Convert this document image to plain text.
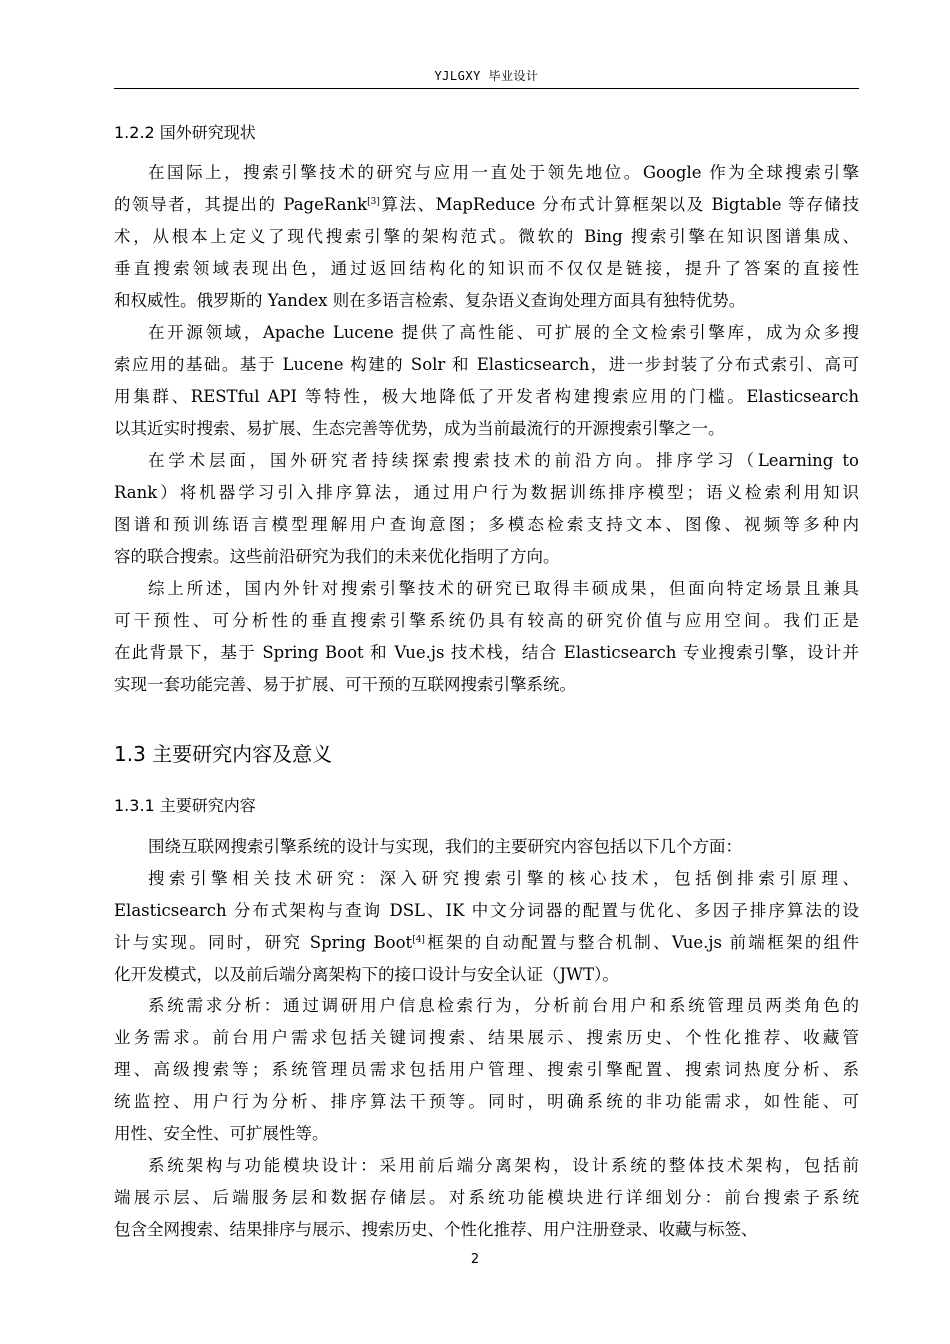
YJLGXY 毕业设计
1.2.2 国外研究现状
在国际上，搜索引擎技术的研究与应用一直处于领先地位。Google 作为全球搜索引擎
的领导者，其提出的 PageRank[3]算法、MapReduce 分布式计算框架以及 Bigtable 等存储技
术，从根本上定义了现代搜索引擎的架构范式。微软的 Bing 搜索引擎在知识图谱集成、
垂直搜索领域表现出色，通过返回结构化的知识而不仅仅是链接，提升了答案的直接性
和权威性。俄罗斯的 Yandex 则在多语言检索、复杂语义查询处理方面具有独特优势。
在开源领域，Apache Lucene 提供了高性能、可扩展的全文检索引擎库，成为众多搜
索应用的基础。基于 Lucene 构建的 Solr 和 Elasticsearch，进一步封装了分布式索引、高可
用集群、RESTful API 等特性，极大地降低了开发者构建搜索应用的门槛。Elasticsearch
以其近实时搜索、易扩展、生态完善等优势，成为当前最流行的开源搜索引擎之一。
在学术层面，国外研究者持续探索搜索技术的前沿方向。排序学习（Learning to
Rank）将机器学习引入排序算法，通过用户行为数据训练排序模型；语义检索利用知识
图谱和预训练语言模型理解用户查询意图；多模态检索支持文本、图像、视频等多种内
容的联合搜索。这些前沿研究为我们的未来优化指明了方向。
综上所述，国内外针对搜索引擎技术的研究已取得丰硕成果，但面向特定场景且兼具
可干预性、可分析性的垂直搜索引擎系统仍具有较高的研究价值与应用空间。我们正是
在此背景下，基于 Spring Boot 和 Vue.js 技术栈，结合 Elasticsearch 专业搜索引擎，设计并
实现一套功能完善、易于扩展、可干预的互联网搜索引擎系统。
1.3 主要研究内容及意义
1.3.1 主要研究内容
围绕互联网搜索引擎系统的设计与实现，我们的主要研究内容包括以下几个方面：
搜索引擎相关技术研究：深入研究搜索引擎的核心技术，包括倒排索引原理、
Elasticsearch 分布式架构与查询 DSL、IK 中文分词器的配置与优化、多因子排序算法的设
计与实现。同时，研究 Spring Boot[4]框架的自动配置与整合机制、Vue.js 前端框架的组件
化开发模式，以及前后端分离架构下的接口设计与安全认证（JWT）。
系统需求分析：通过调研用户信息检索行为，分析前台用户和系统管理员两类角色的
业务需求。前台用户需求包括关键词搜索、结果展示、搜索历史、个性化推荐、收藏管
理、高级搜索等；系统管理员需求包括用户管理、搜索引擎配置、搜索词热度分析、系
统监控、用户行为分析、排序算法干预等。同时，明确系统的非功能需求，如性能、可
用性、安全性、可扩展性等。
系统架构与功能模块设计：采用前后端分离架构，设计系统的整体技术架构，包括前
端展示层、后端服务层和数据存储层。对系统功能模块进行详细划分：前台搜索子系统
包含全网搜索、结果排序与展示、搜索历史、个性化推荐、用户注册登录、收藏与标签、
2
